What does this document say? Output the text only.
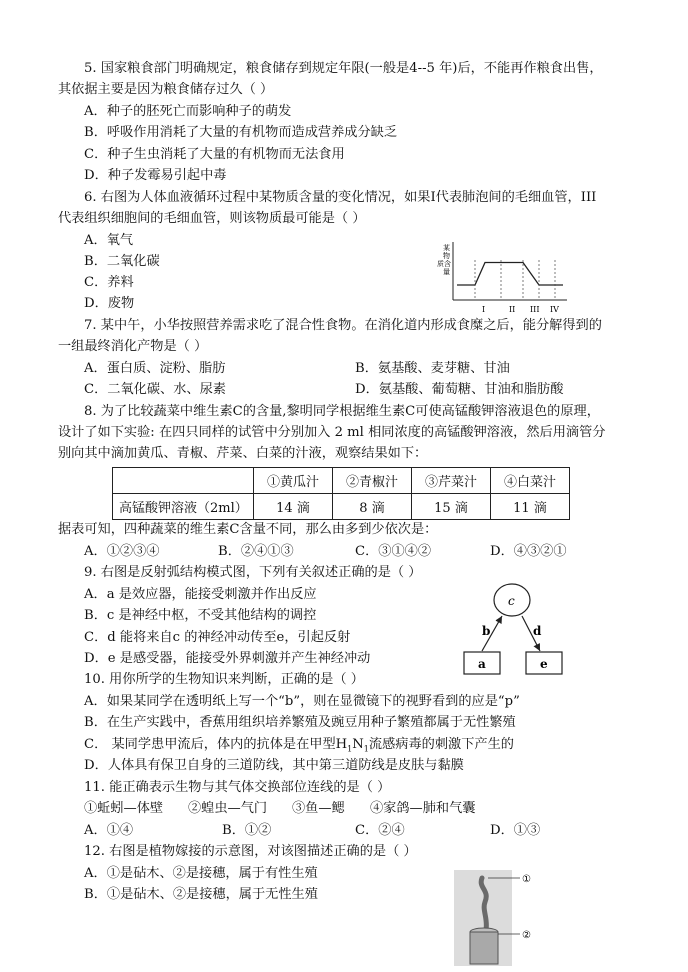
5. 国家粮食部门明确规定，粮食储存到规定年限(一般是4--5 年)后，不能再作粮食出售，
其依据主要是因为粮食储存过久（ ）
A．种子的胚死亡而影响种子的萌发
B．呼吸作用消耗了大量的有机物而造成营养成分缺乏
C．种子生虫消耗了大量的有机物而无法食用
D．种子发霉易引起中毒
6. 右图为人体血液循环过程中某物质含量的变化情况，如果I代表肺泡间的毛细血管，III
代表组织细胞间的毛细血管，则该物质最可能是（ ）
A．氧气
B．二氧化碳
C．养料
D．废物
某物质含量
I	II III IV
7. 某中午，小华按照营养需求吃了混合性食物。在消化道内形成食糜之后，能分解得到的
一组最终消化产物是（ ）
A．蛋白质、淀粉、脂肪	B．氨基酸、麦芽糖、甘油
C．二氧化碳、水、尿素	D．氨基酸、葡萄糖、甘油和脂肪酸
8. 为了比较蔬菜中维生素C的含量,黎明同学根据维生素C可使高锰酸钾溶液退色的原理，
设计了如下实验: 在四只同样的试管中分别加入 2 ml 相同浓度的高锰酸钾溶液，然后用滴管分
别向其中滴加黄瓜、青椒、芹菜、白菜的汁液，观察结果如下：
	①黄瓜汁	②青椒汁	③芹菜汁	④白菜汁
高锰酸钾溶液（2ml）	14 滴	8 滴	15 滴	11 滴
据表可知，四种蔬菜的维生素C含量不同，那么由多到少依次是：
A．①②③④	B．②④①③	C．③①④②	D．④③②①
9. 右图是反射弧结构模式图，下列有关叙述正确的是（ ）
A．a 是效应器，能接受刺激并作出反应
B．c 是神经中枢，不受其他结构的调控
C．d 能将来自c 的神经冲动传至e，引起反射
D．e 是感受器，能接受外界刺激并产生神经冲动
c
b	d
a	e
10. 用你所学的生物知识来判断，正确的是（ ）
A．如果某同学在透明纸上写一个“b”，则在显微镜下的视野看到的应是“p”
B．在生产实践中，香蕉用组织培养繁殖及豌豆用种子繁殖都属于无性繁殖
C． 某同学患甲流后，体内的抗体是在甲型$H_1N_1$流感病毒的刺激下产生的
D．人体具有保卫自身的三道防线，其中第三道防线是皮肤与黏膜
11. 能正确表示生物与其气体交换部位连线的是（ ）
①蚯蚓—体壁 ②蝗虫—气门 ③鱼—鳃 ④家鸽—肺和气囊
A．①④	B．①②	C．②④	D．①③
12. 右图是植物嫁接的示意图，对该图描述正确的是（ ）
A．①是砧木、②是接穗，属于有性生殖
B．①是砧木、②是接穗，属于无性生殖
①
②
